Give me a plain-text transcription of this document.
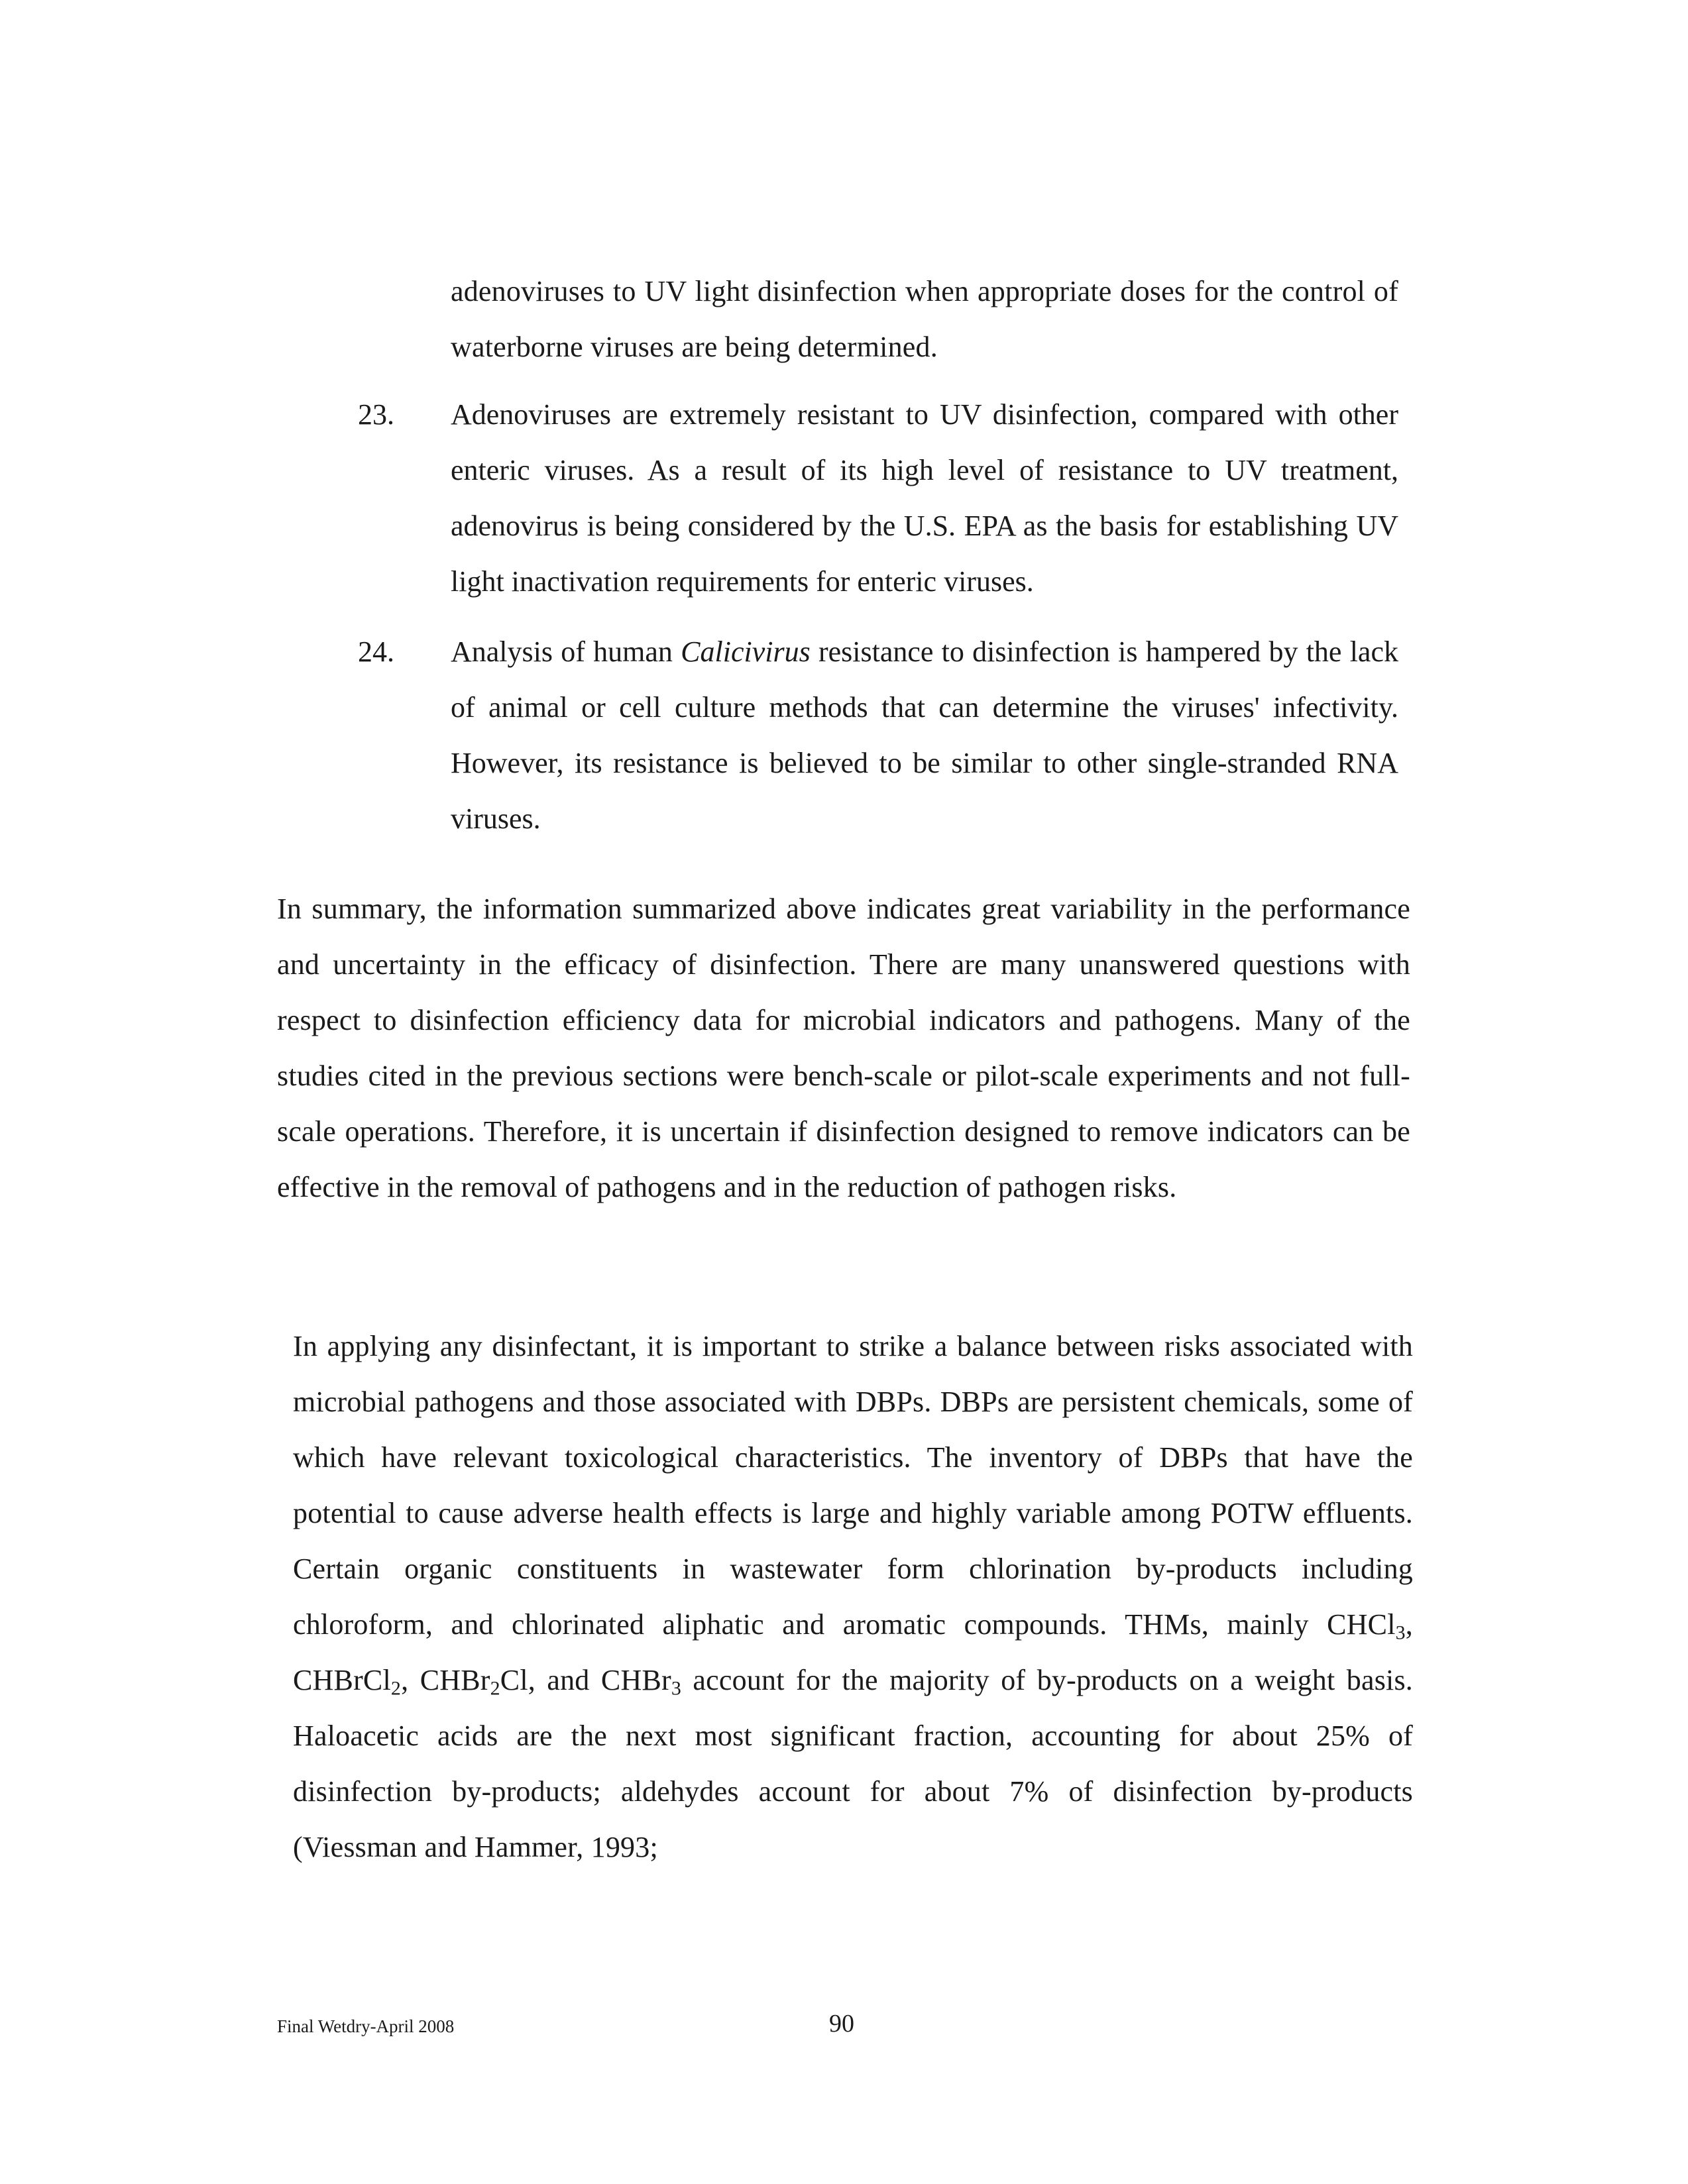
adenoviruses to UV light disinfection when appropriate doses for the control of waterborne viruses are being determined.

23.	Adenoviruses are extremely resistant to UV disinfection, compared with other enteric viruses. As a result of its high level of resistance to UV treatment, adenovirus is being considered by the U.S. EPA as the basis for establishing UV light inactivation requirements for enteric viruses.
24.	Analysis of human Calicivirus resistance to disinfection is hampered by the lack of animal or cell culture methods that can determine the viruses' infectivity. However, its resistance is believed to be similar to other single-stranded RNA viruses.

In summary, the information summarized above indicates great variability in the performance and uncertainty in the efficacy of disinfection. There are many unanswered questions with respect to disinfection efficiency data for microbial indicators and pathogens. Many of the studies cited in the previous sections were bench-scale or pilot-scale experiments and not full-scale operations. Therefore, it is uncertain if disinfection designed to remove indicators can be effective in the removal of pathogens and in the reduction of pathogen risks.

In applying any disinfectant, it is important to strike a balance between risks associated with microbial pathogens and those associated with DBPs. DBPs are persistent chemicals, some of which have relevant toxicological characteristics. The inventory of DBPs that have the potential to cause adverse health effects is large and highly variable among POTW effluents. Certain organic constituents in wastewater form chlorination by-products including chloroform, and chlorinated aliphatic and aromatic compounds. THMs, mainly CHCl$_3$, CHBrCl$_2$, CHBr$_2$Cl, and CHBr$_3$ account for the majority of by-products on a weight basis. Haloacetic acids are the next most significant fraction, accounting for about 25% of disinfection by-products; aldehydes account for about 7% of disinfection by-products (Viessman and Hammer, 1993;

Final Wetdry-April 2008	90
